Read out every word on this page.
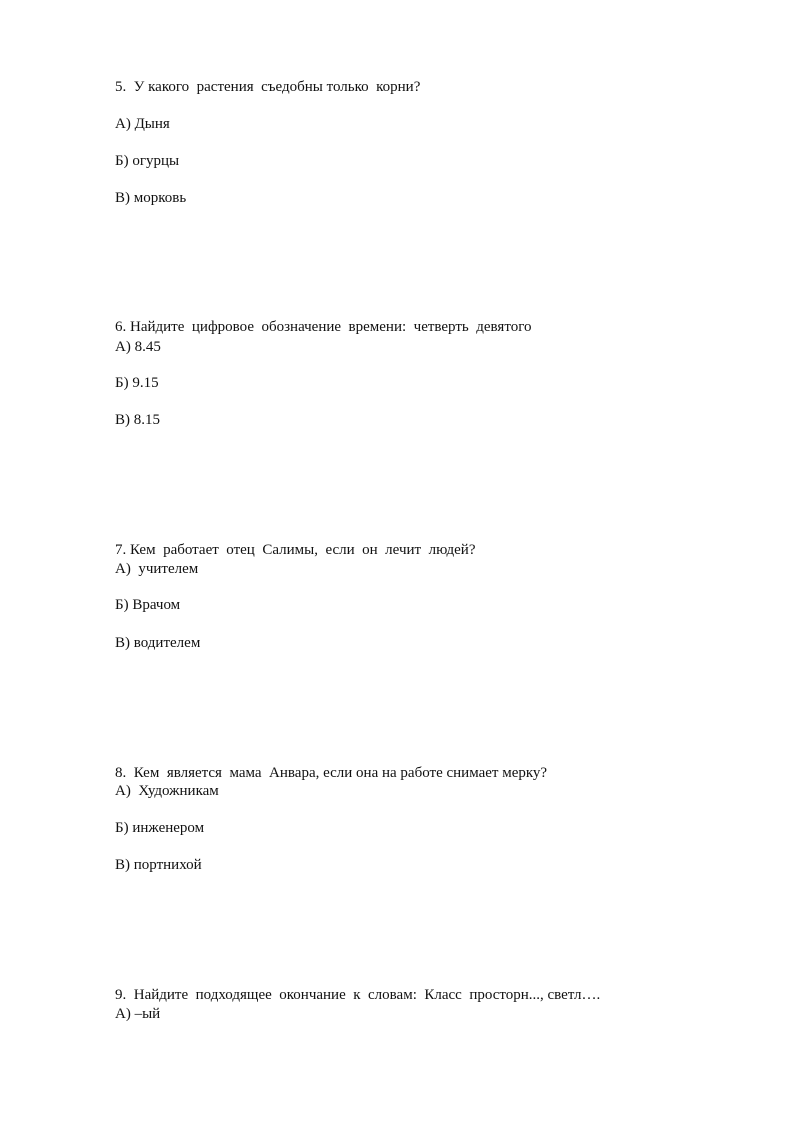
5.  У какого  растения  съедобны только  корни?
А) Дыня
Б) огурцы
В) морковь
6. Найдите  цифровое  обозначение  времени:  четверть  девятого
А) 8.45
Б) 9.15
В) 8.15
7. Кем  работает  отец  Салимы,  если  он  лечит  людей?
А)  учителем
Б) Врачом
В) водителем
8.  Кем  является  мама  Анвара, если она на работе снимает мерку?
А)  Художникам
Б) инженером
В) портнихой
9.  Найдите  подходящее  окончание  к  словам:  Класс  просторн..., светл….
А) –ый
